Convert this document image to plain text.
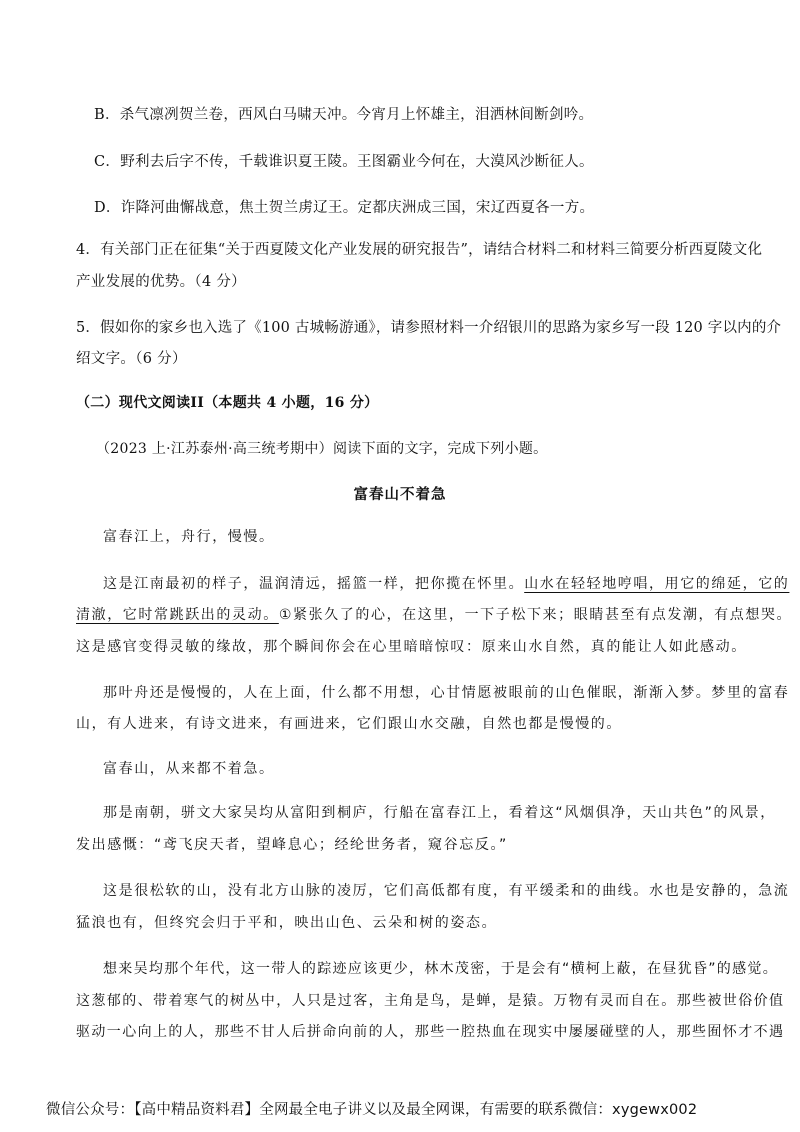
B．杀气凛冽贺兰卷，西风白马啸天冲。今宵月上怀雄主，泪洒林间断剑吟。
C．野利去后字不传，千载谁识夏王陵。王图霸业今何在，大漠风沙断征人。
D．诈降河曲懈战意，焦土贺兰虏辽王。定都庆洲成三国，宋辽西夏各一方。
4．有关部门正在征集“关于西夏陵文化产业发展的研究报告”，请结合材料二和材料三简要分析西夏陵文化
产业发展的优势。（4 分）
5．假如你的家乡也入选了《100 古城畅游通》，请参照材料一介绍银川的思路为家乡写一段 120 字以内的介
绍文字。（6 分）
（二）现代文阅读II（本题共 4 小题，16 分）
（2023 上·江苏泰州·高三统考期中）阅读下面的文字，完成下列小题。
富春山不着急
富春江上，舟行，慢慢。
这是江南最初的样子，温润清远，摇篮一样，把你揽在怀里。山水在轻轻地哼唱，用它的绵延，它的
清澈，它时常跳跃出的灵动。①紧张久了的心，在这里，一下子松下来；眼睛甚至有点发潮，有点想哭。
这是感官变得灵敏的缘故，那个瞬间你会在心里暗暗惊叹：原来山水自然，真的能让人如此感动。
那叶舟还是慢慢的，人在上面，什么都不用想，心甘情愿被眼前的山色催眠，渐渐入梦。梦里的富春
山，有人进来，有诗文进来，有画进来，它们跟山水交融，自然也都是慢慢的。
富春山，从来都不着急。
那是南朝，骈文大家吴均从富阳到桐庐，行船在富春江上，看着这“风烟俱净，天山共色”的风景，
发出感慨：“鸢飞戾天者，望峰息心；经纶世务者，窥谷忘反。”
这是很松软的山，没有北方山脉的凌厉，它们高低都有度，有平缓柔和的曲线。水也是安静的，急流
猛浪也有，但终究会归于平和，映出山色、云朵和树的姿态。
想来吴均那个年代，这一带人的踪迹应该更少，林木茂密，于是会有“横柯上蔽，在昼犹昏”的感觉。
这葱郁的、带着寒气的树丛中，人只是过客，主角是鸟，是蝉，是猿。万物有灵而自在。那些被世俗价值
驱动一心向上的人，那些不甘人后拼命向前的人，那些一腔热血在现实中屡屡碰壁的人，那些囿怀才不遇
微信公众号：【高中精品资料君】全网最全电子讲义以及最全网课，有需要的联系微信：xygewx002
